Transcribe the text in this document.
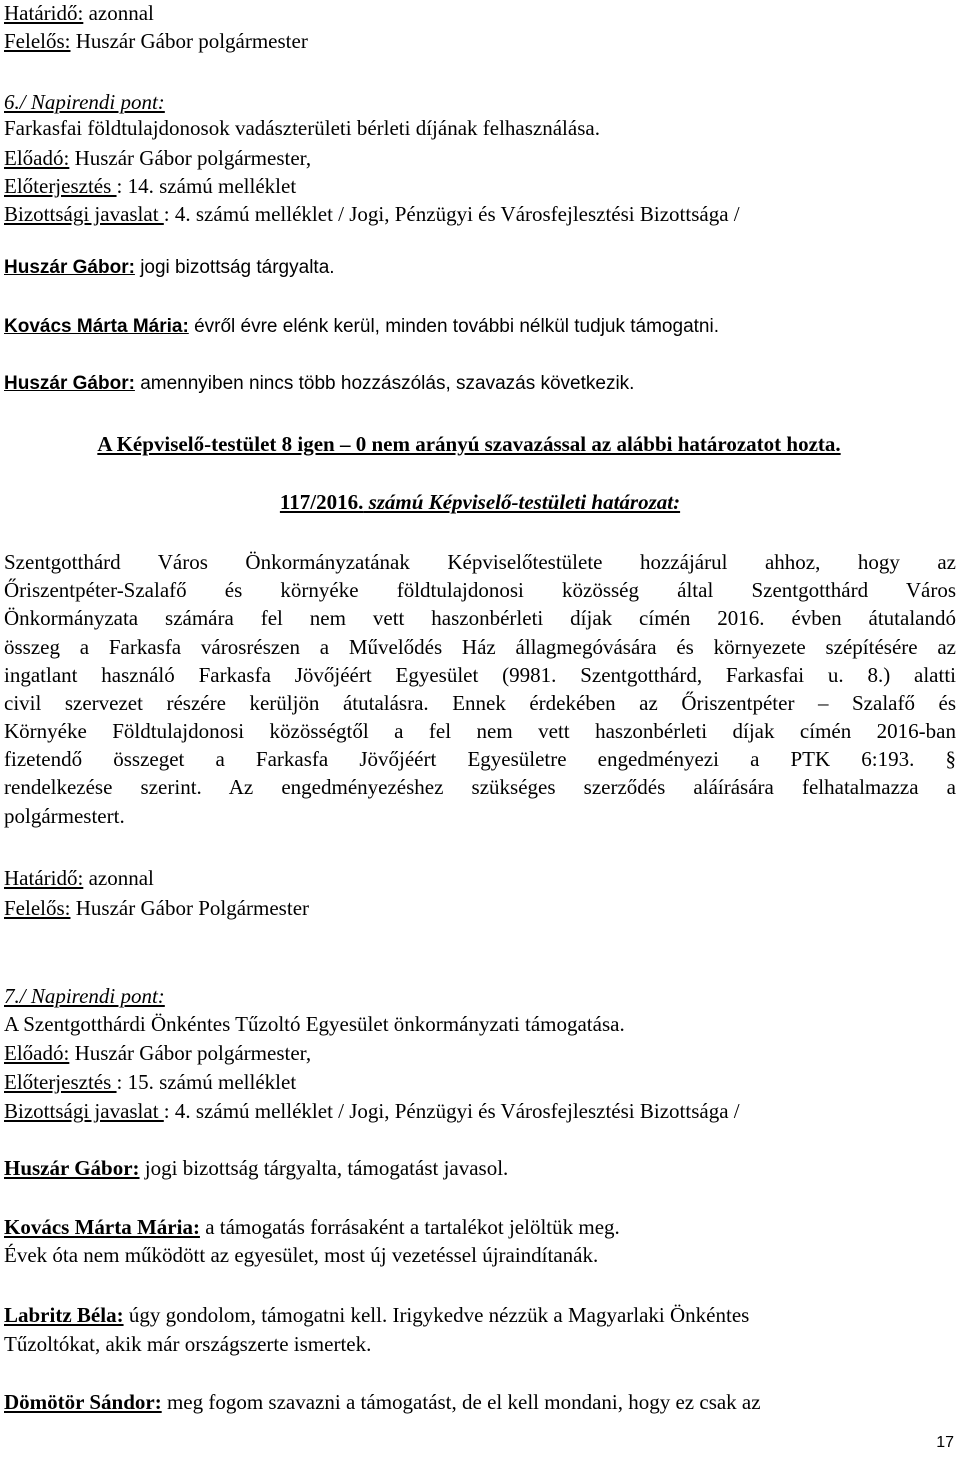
Határidő: azonnal
Felelős: Huszár Gábor polgármester
6./ Napirendi pont:
Farkasfai földtulajdonosok vadászterületi bérleti díjának felhasználása.
Előadó: Huszár Gábor polgármester,
Előterjesztés : 14. számú melléklet
Bizottsági javaslat : 4. számú melléklet / Jogi, Pénzügyi és Városfejlesztési Bizottsága /
Huszár Gábor: jogi bizottság tárgyalta.
Kovács Márta Mária: évről évre elénk kerül, minden további nélkül tudjuk támogatni.
Huszár Gábor: amennyiben nincs több hozzászólás, szavazás következik.
A Képviselő-testület 8 igen – 0 nem arányú szavazással az alábbi határozatot hozta.
117/2016. számú Képviselő-testületi határozat:
Szentgotthárd Város Önkormányzatának Képviselőtestülete hozzájárul ahhoz, hogy az
Őriszentpéter-Szalafő és környéke földtulajdonosi közösség által Szentgotthárd Város
Önkormányzata számára fel nem vett haszonbérleti díjak címén 2016. évben átutalandó
összeg a Farkasfa városrészen a Művelődés Ház állagmegóvására és környezete szépítésére az
ingatlant használó Farkasfa Jövőjéért Egyesület (9981. Szentgotthárd, Farkasfai u. 8.) alatti
civil szervezet részére kerüljön átutalásra. Ennek érdekében az Őriszentpéter – Szalafő és
Környéke Földtulajdonosi közösségtől a fel nem vett haszonbérleti díjak címén 2016-ban
fizetendő összeget a Farkasfa Jövőjéért Egyesületre engedményezi a PTK 6:193. §
rendelkezése szerint. Az engedményezéshez szükséges szerződés aláírására felhatalmazza a
polgármestert.
Határidő: azonnal
Felelős: Huszár Gábor Polgármester
7./ Napirendi pont:
A Szentgotthárdi Önkéntes Tűzoltó Egyesület önkormányzati támogatása.
Előadó: Huszár Gábor polgármester,
Előterjesztés : 15. számú melléklet
Bizottsági javaslat : 4. számú melléklet / Jogi, Pénzügyi és Városfejlesztési Bizottsága /
Huszár Gábor: jogi bizottság tárgyalta, támogatást javasol.
Kovács Márta Mária: a támogatás forrásaként a tartalékot jelöltük meg.
Évek óta nem működött az egyesület, most új vezetéssel újraindítanák.
Labritz Béla: úgy gondolom, támogatni kell. Irigykedve nézzük a Magyarlaki Önkéntes
Tűzoltókat, akik már országszerte ismertek.
Dömötör Sándor: meg fogom szavazni a támogatást, de el kell mondani, hogy ez csak az
17
